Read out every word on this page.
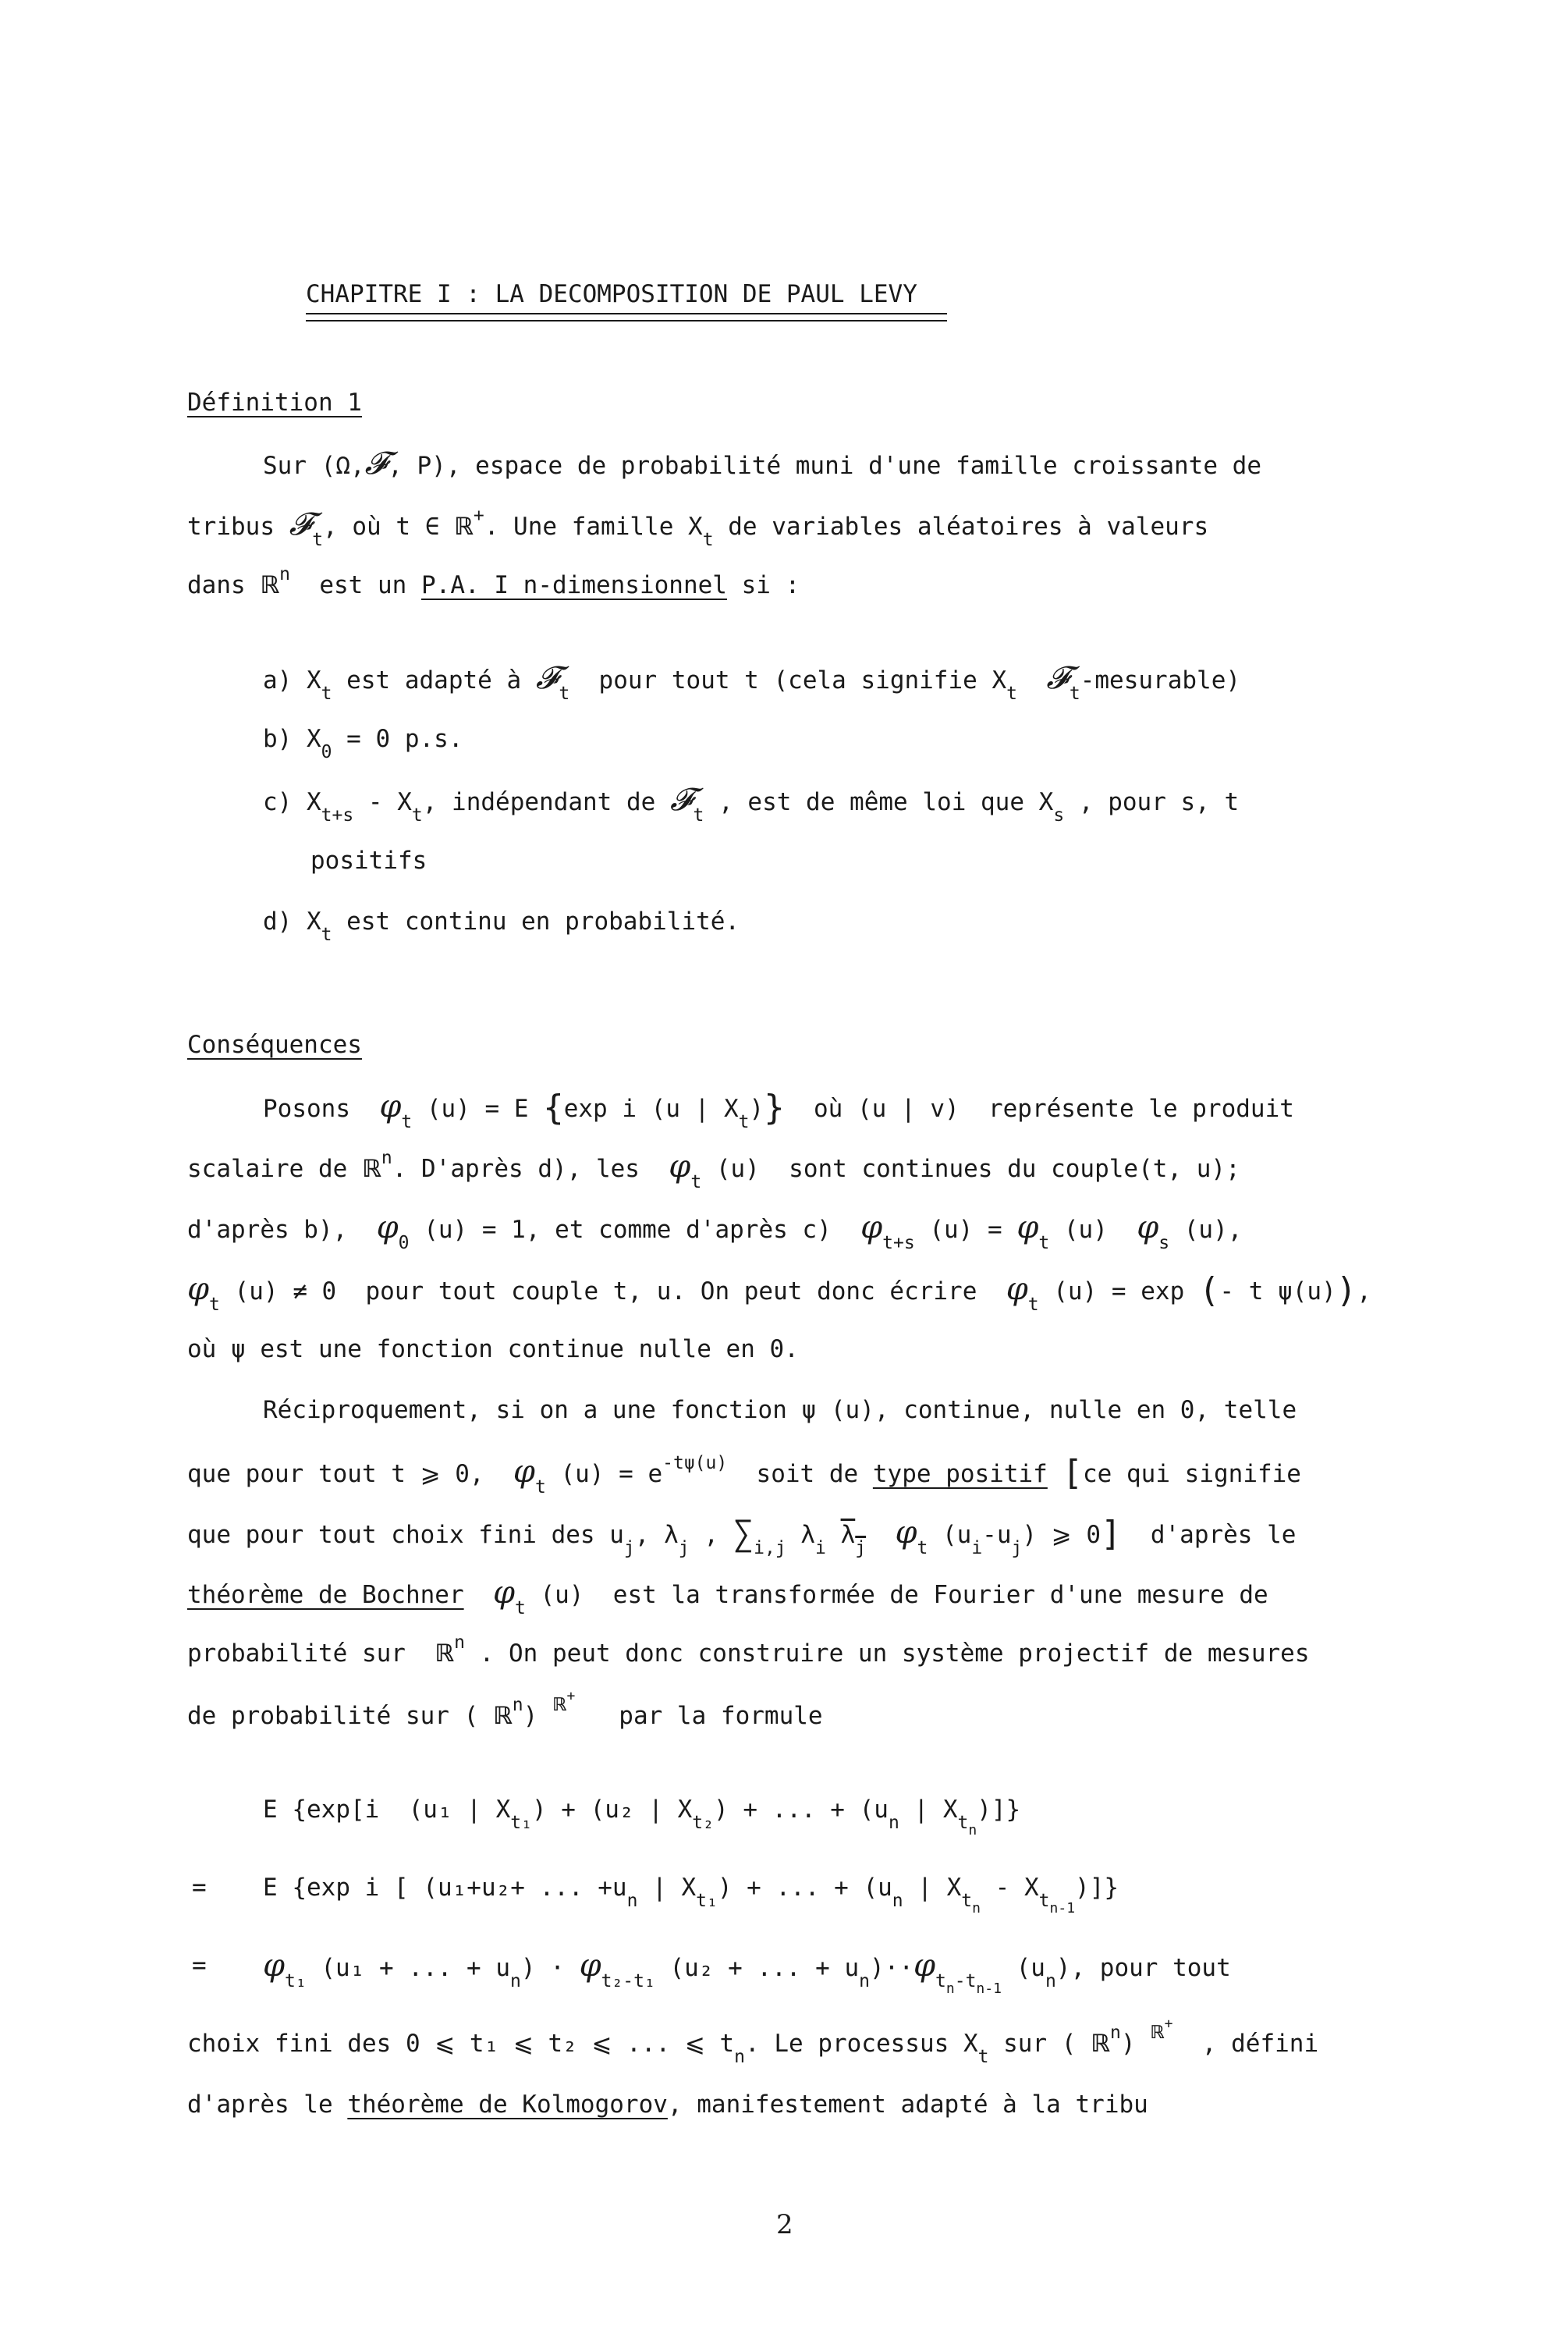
CHAPITRE I : LA DECOMPOSITION DE PAUL LEVY
Définition 1
Sur (Ω,𝓕, P), espace de probabilité muni d'une famille croissante de
tribus 𝓕$_t$, où t ∈ ℝ+. Une famille $X_t$ de variables aléatoires à valeurs
dans ℝ$^n$ est un P.A. I n-dimensionnel si :
a) $X_t$ est adapté à 𝓕$_t$ pour tout t (cela signifie $X_t$ 𝓕$_t$-mesurable)
b) $X_0 = 0$ p.s.
c) $X_{t+s} - X_t$, indépendant de 𝓕$_t$ , est de même loi que $X_s$ , pour s, t
positifs
d) $X_t$ est continu en probabilité.
Conséquences
Posons $\varphi_t$ (u) = E {exp i (u | $X_t$)} où (u | v)  représente le produit
scalaire de ℝ$^n$. D'après d), les $\varphi_t$ (u)  sont continues du couple(t, u);
d'après b), $\varphi_0$ (u) = 1, et comme d'après c) $\varphi_{t+s}$ $(u) = \varphi_t$ (u) $\varphi_s$ (u),
$\varphi_t$ (u) ≠ 0  pour tout couple t, u. On peut donc écrire $\varphi_t$ (u) = exp (- t ψ(u)),
où ψ est une fonction continue nulle en 0.
Réciproquement, si on a une fonction ψ (u), continue, nulle en 0, telle
que pour tout t ⩾ 0, $\varphi_t$ $(u) = e^{-t\psi(u)}$ soit de type positif [ce qui signifie
que pour tout choix fini des $u_j$, $\lambda_j$ , $\sum_{i,j}$ $\lambda_i$ $\lambda_j$ $\varphi_t$ $(u_i-u_j)$ ⩾ 0] d'après le
théorème de Bochner $\varphi_t$ (u)  est la transformée de Fourier d'une mesure de
probabilité sur ℝ$^n$ . On peut donc construire un système projectif de mesures
de probabilité sur ( ℝ$^n$) $^{ℝ+}$   par la formule
E {exp[i  (u₁ | $X_{t_1}) + (u_2$ | $X_{t_2}$) + ... + ($u_n$ | $X_{t_n}$)]}
= E {exp i [ (u₁+u₂+ ... $+u_n$ | $X_{t_1}$) + ... + ($u_n$ | $X_{t_n} - X_{t_{n-1}}$)]}
= $\varphi_{t_1}$ (u₁ + ... + $u_n) \cdot \varphi_{t_2-t_1}$ (u₂ + ... + $u_n)\cdot\cdot\varphi_{t_n-t_{n-1}}$ $(u_n)$, pour tout
choix fini des 0 ⩽ t₁ ⩽ t₂ ⩽ ... ⩽ $t_n$. Le processus $X_t$ sur ( ℝ$^n$) $^{ℝ+}$  , défini
d'après le théorème de Kolmogorov, manifestement adapté à la tribu
2
